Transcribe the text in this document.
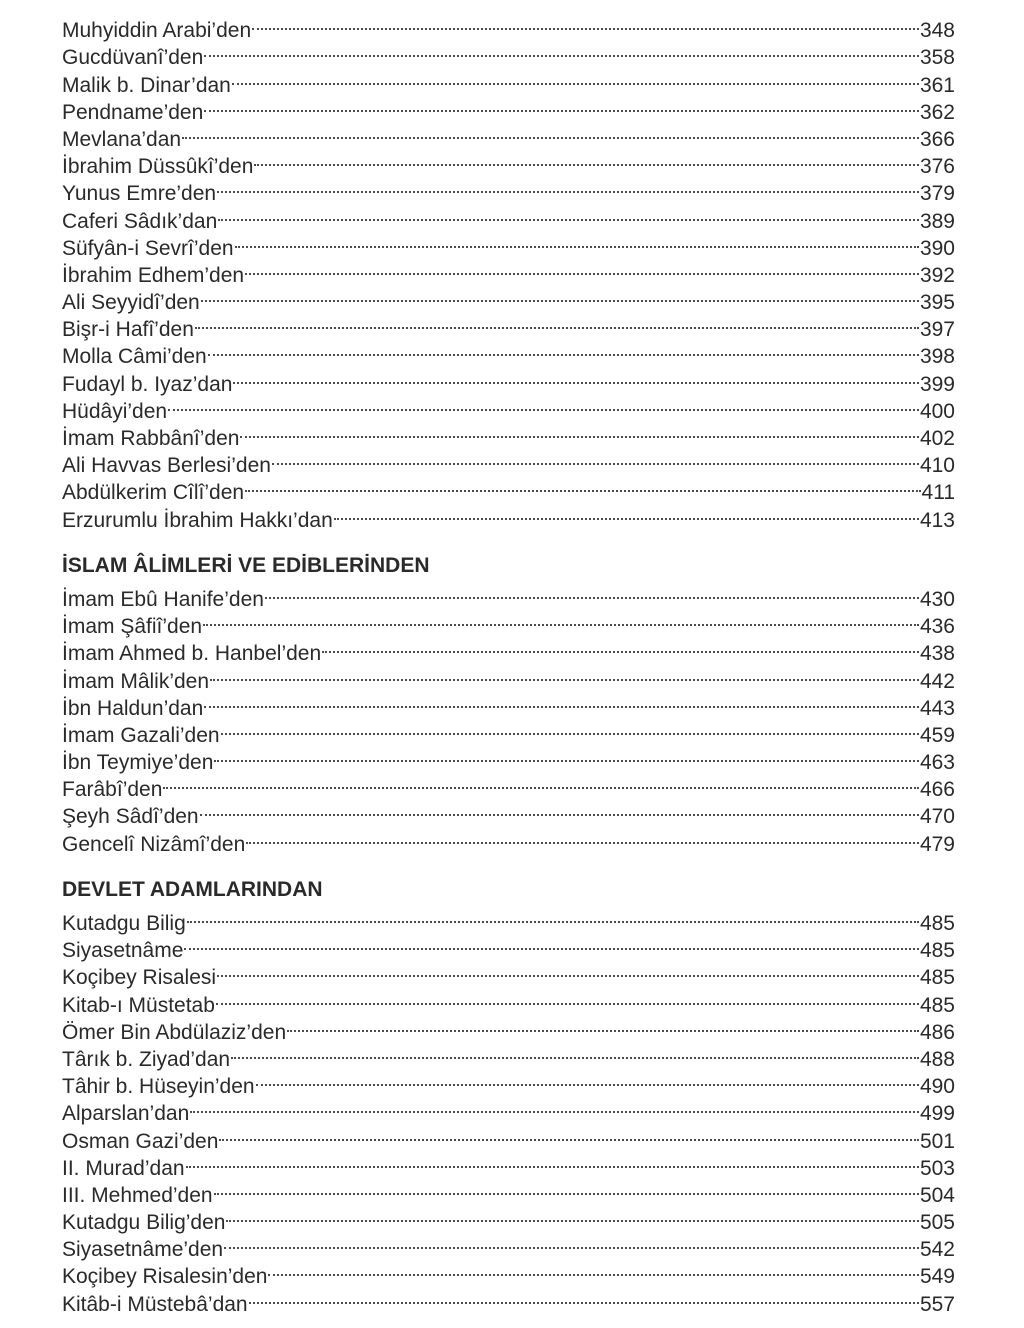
Muhyiddin Arabi’den	348
Gucdüvanî’den	358
Malik b. Dinar’dan	361
Pendname’den	362
Mevlana’dan	366
İbrahim Düssûkî’den	376
Yunus Emre’den	379
Caferi Sâdık’dan	389
Süfyân-i Sevrî’den	390
İbrahim Edhem’den	392
Ali Seyyidî’den	395
Bişr-i Hafî’den	397
Molla Câmi’den	398
Fudayl b. Iyaz’dan	399
Hüdâyi’den	400
İmam Rabbânî’den	402
Ali Havvas Berlesi’den	410
Abdülkerim Cîlî’den	411
Erzurumlu İbrahim Hakkı’dan	413
İSLAM ÂLİMLERİ VE EDİBLERİNDEN
İmam Ebû Hanife’den	430
İmam Şâfiî’den	436
İmam Ahmed b. Hanbel’den	438
İmam Mâlik’den	442
İbn Haldun’dan	443
İmam Gazali’den	459
İbn Teymiye’den	463
Farâbî’den	466
Şeyh Sâdî’den	470
Gencelî Nizâmî’den	479
DEVLET ADAMLARINDAN
Kutadgu Bilig	485
Siyasetnâme	485
Koçibey Risalesi	485
Kitab-ı Müstetab	485
Ömer Bin Abdülaziz’den	486
Târık b. Ziyad’dan	488
Tâhir b. Hüseyin’den	490
Alparslan’dan	499
Osman Gazi’den	501
II. Murad’dan	503
III. Mehmed’den	504
Kutadgu Bilig’den	505
Siyasetnâme’den	542
Koçibey Risalesin’den	549
Kitâb-i Müstebâ’dan	557
